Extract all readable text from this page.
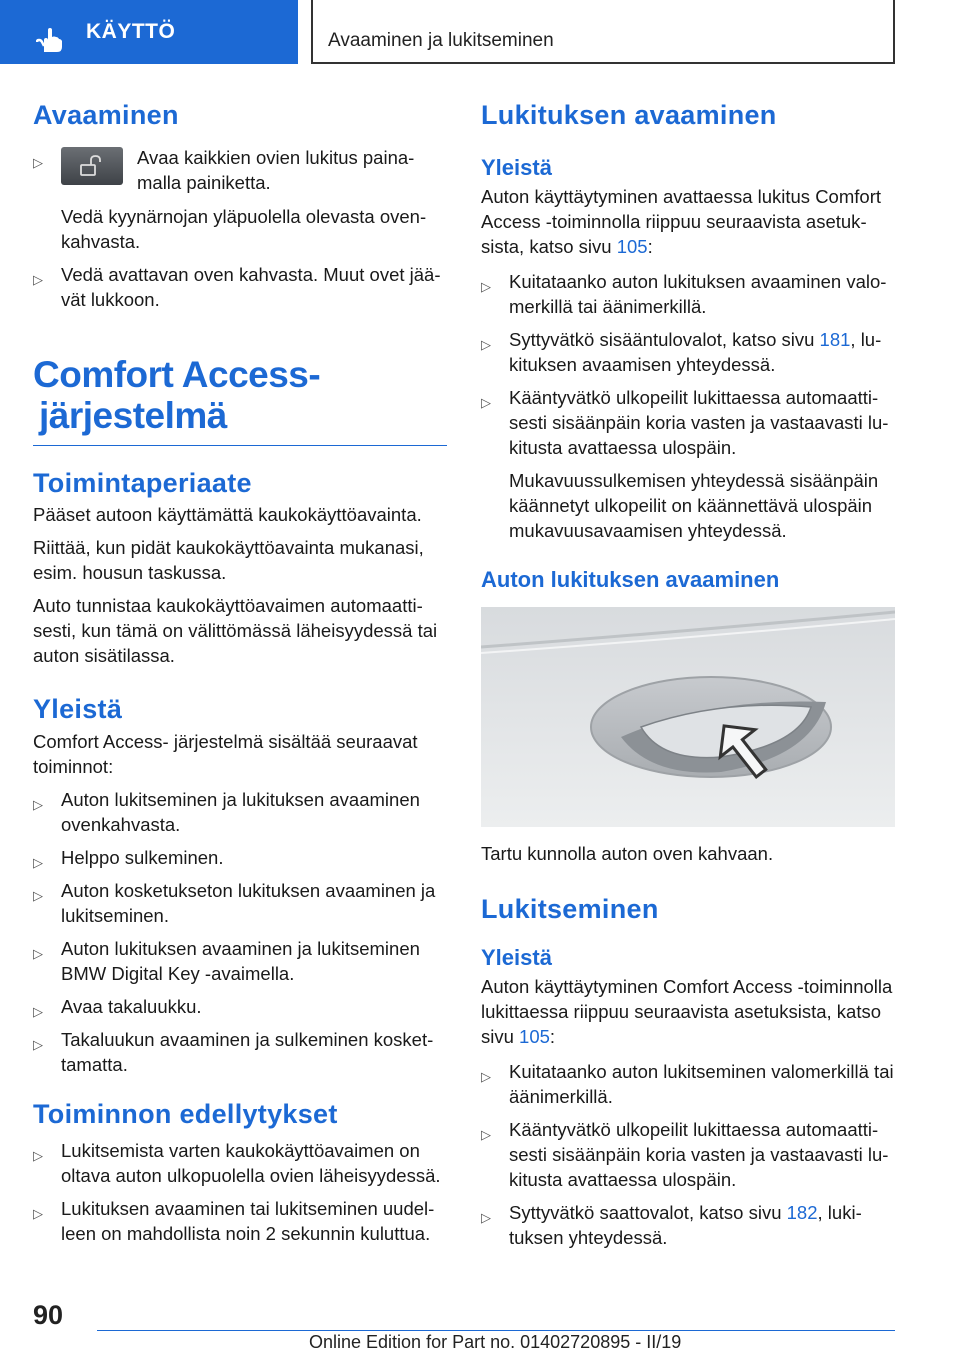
KÄYTTÖ	Avaaminen ja lukitseminen
Avaaminen
▷	Avaa kaikkien ovien lukitus painamalla painiketta.

Vedä kyynärnojan yläpuolella olevasta ovenkahvasta.

▷ Vedä avattavan oven kahvasta. Muut ovet jäävät lukkoon.
Comfort Access-
järjestelmä
Toimintaperiaate

Pääset autoon käyttämättä kaukokäyttöavainta.

Riittää, kun pidät kaukokäyttöavainta mukanasi, esim. housun taskussa.

Auto tunnistaa kaukokäyttöavaimen automaattisesti, kun tämä on välittömässä läheisyydessä tai auton sisätilassa.

Yleistä

Comfort Access- järjestelmä sisältää seuraavat toiminnot:

▷ Auton lukitseminen ja lukituksen avaaminen ovenkahvasta.
▷ Helppo sulkeminen.
▷ Auton kosketukseton lukituksen avaaminen ja lukitseminen.
▷ Auton lukituksen avaaminen ja lukitseminen BMW Digital Key -avaimella.
▷ Avaa takaluukku.
▷ Takaluukun avaaminen ja sulkeminen koskettamatta.
Toiminnon edellytykset
▷ Lukitsemista varten kaukokäyttöavaimen on oltava auton ulkopuolella ovien läheisyydessä.
▷ Lukituksen avaaminen tai lukitseminen uudelleen on mahdollista noin 2 sekunnin kuluttua.
Lukituksen avaaminen
Yleistä

Auton käyttäytyminen avattaessa lukitus Comfort Access -toiminnolla riippuu seuraavista asetuksista, katso sivu 105:

▷ Kuitataanko auton lukituksen avaaminen valomerkillä tai äänimerkillä.
▷ Syttyvätkö sisääntulovalot, katso sivu 181, lukituksen avaamisen yhteydessä.
▷ Kääntyvätkö ulkopeilit lukittaessa automaattisesti sisäänpäin koria vasten ja vastaavasti lukitusta avattaessa ulospäin.

Mukavuussulkemisen yhteydessä sisäänpäin käännetyt ulkopeilit on käännettävä ulospäin mukavuusavaamisen yhteydessä.

Auton lukituksen avaaminen

Tartu kunnolla auton oven kahvaan.

Lukitseminen
Yleistä

Auton käyttäytyminen Comfort Access -toiminnolla lukittaessa riippuu seuraavista asetuksista, katso sivu 105:

▷ Kuitataanko auton lukitseminen valomerkillä tai äänimerkillä.
▷ Kääntyvätkö ulkopeilit lukittaessa automaattisesti sisäänpäin koria vasten ja vastaavasti lukitusta avattaessa ulospäin.
▷ Syttyvätkö saattovalot, katso sivu 182, lukituksen yhteydessä.
90
Online Edition for Part no. 01402720895 - II/19
